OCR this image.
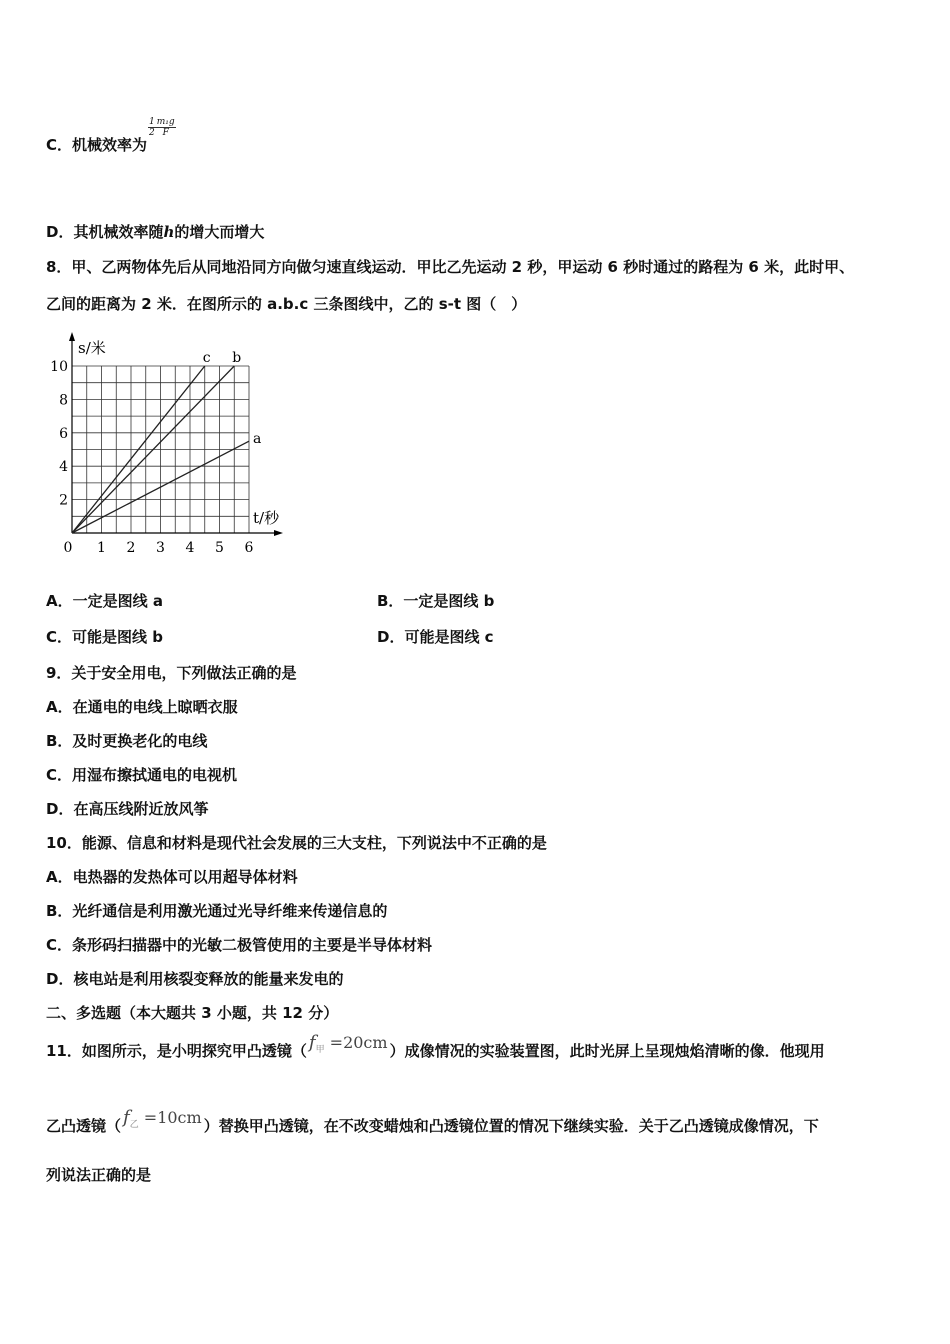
C．机械效率为
$\frac{1}{2} \frac{\text{m₁g}}{F}$
D．其机械效率随h的增大而增大
8．甲、乙两物体先后从同地沿同方向做匀速直线运动．甲比乙先运动 2 秒，甲运动 6 秒时通过的路程为 6 米，此时甲、
乙间的距离为 2 米．在图所示的 a.b.c 三条图线中，乙的 s-t 图（　）
0 1 2 3 4 5 6
2
4
6
8
10
s/米
t/秒
a
b
c
A．一定是图线 a	B．一定是图线 b
C．可能是图线 b	D．可能是图线 c
9．关于安全用电，下列做法正确的是
A．在通电的电线上晾晒衣服
B．及时更换老化的电线
C．用湿布擦拭通电的电视机
D．在高压线附近放风筝
10．能源、信息和材料是现代社会发展的三大支柱，下列说法中不正确的是
A．电热器的发热体可以用超导体材料
B．光纤通信是利用激光通过光导纤维来传递信息的
C．条形码扫描器中的光敏二极管使用的主要是半导体材料
D．核电站是利用核裂变释放的能量来发电的
二、多选题（本大题共 3 小题，共 12 分）
11．如图所示，是小明探究甲凸透镜（ $f_甲 =20cm$ ）成像情况的实验装置图，此时光屏上呈现烛焰清晰的像．他现用
乙凸透镜（ $f_乙 =10cm$ ）替换甲凸透镜，在不改变蜡烛和凸透镜位置的情况下继续实验．关于乙凸透镜成像情况，下
列说法正确的是
